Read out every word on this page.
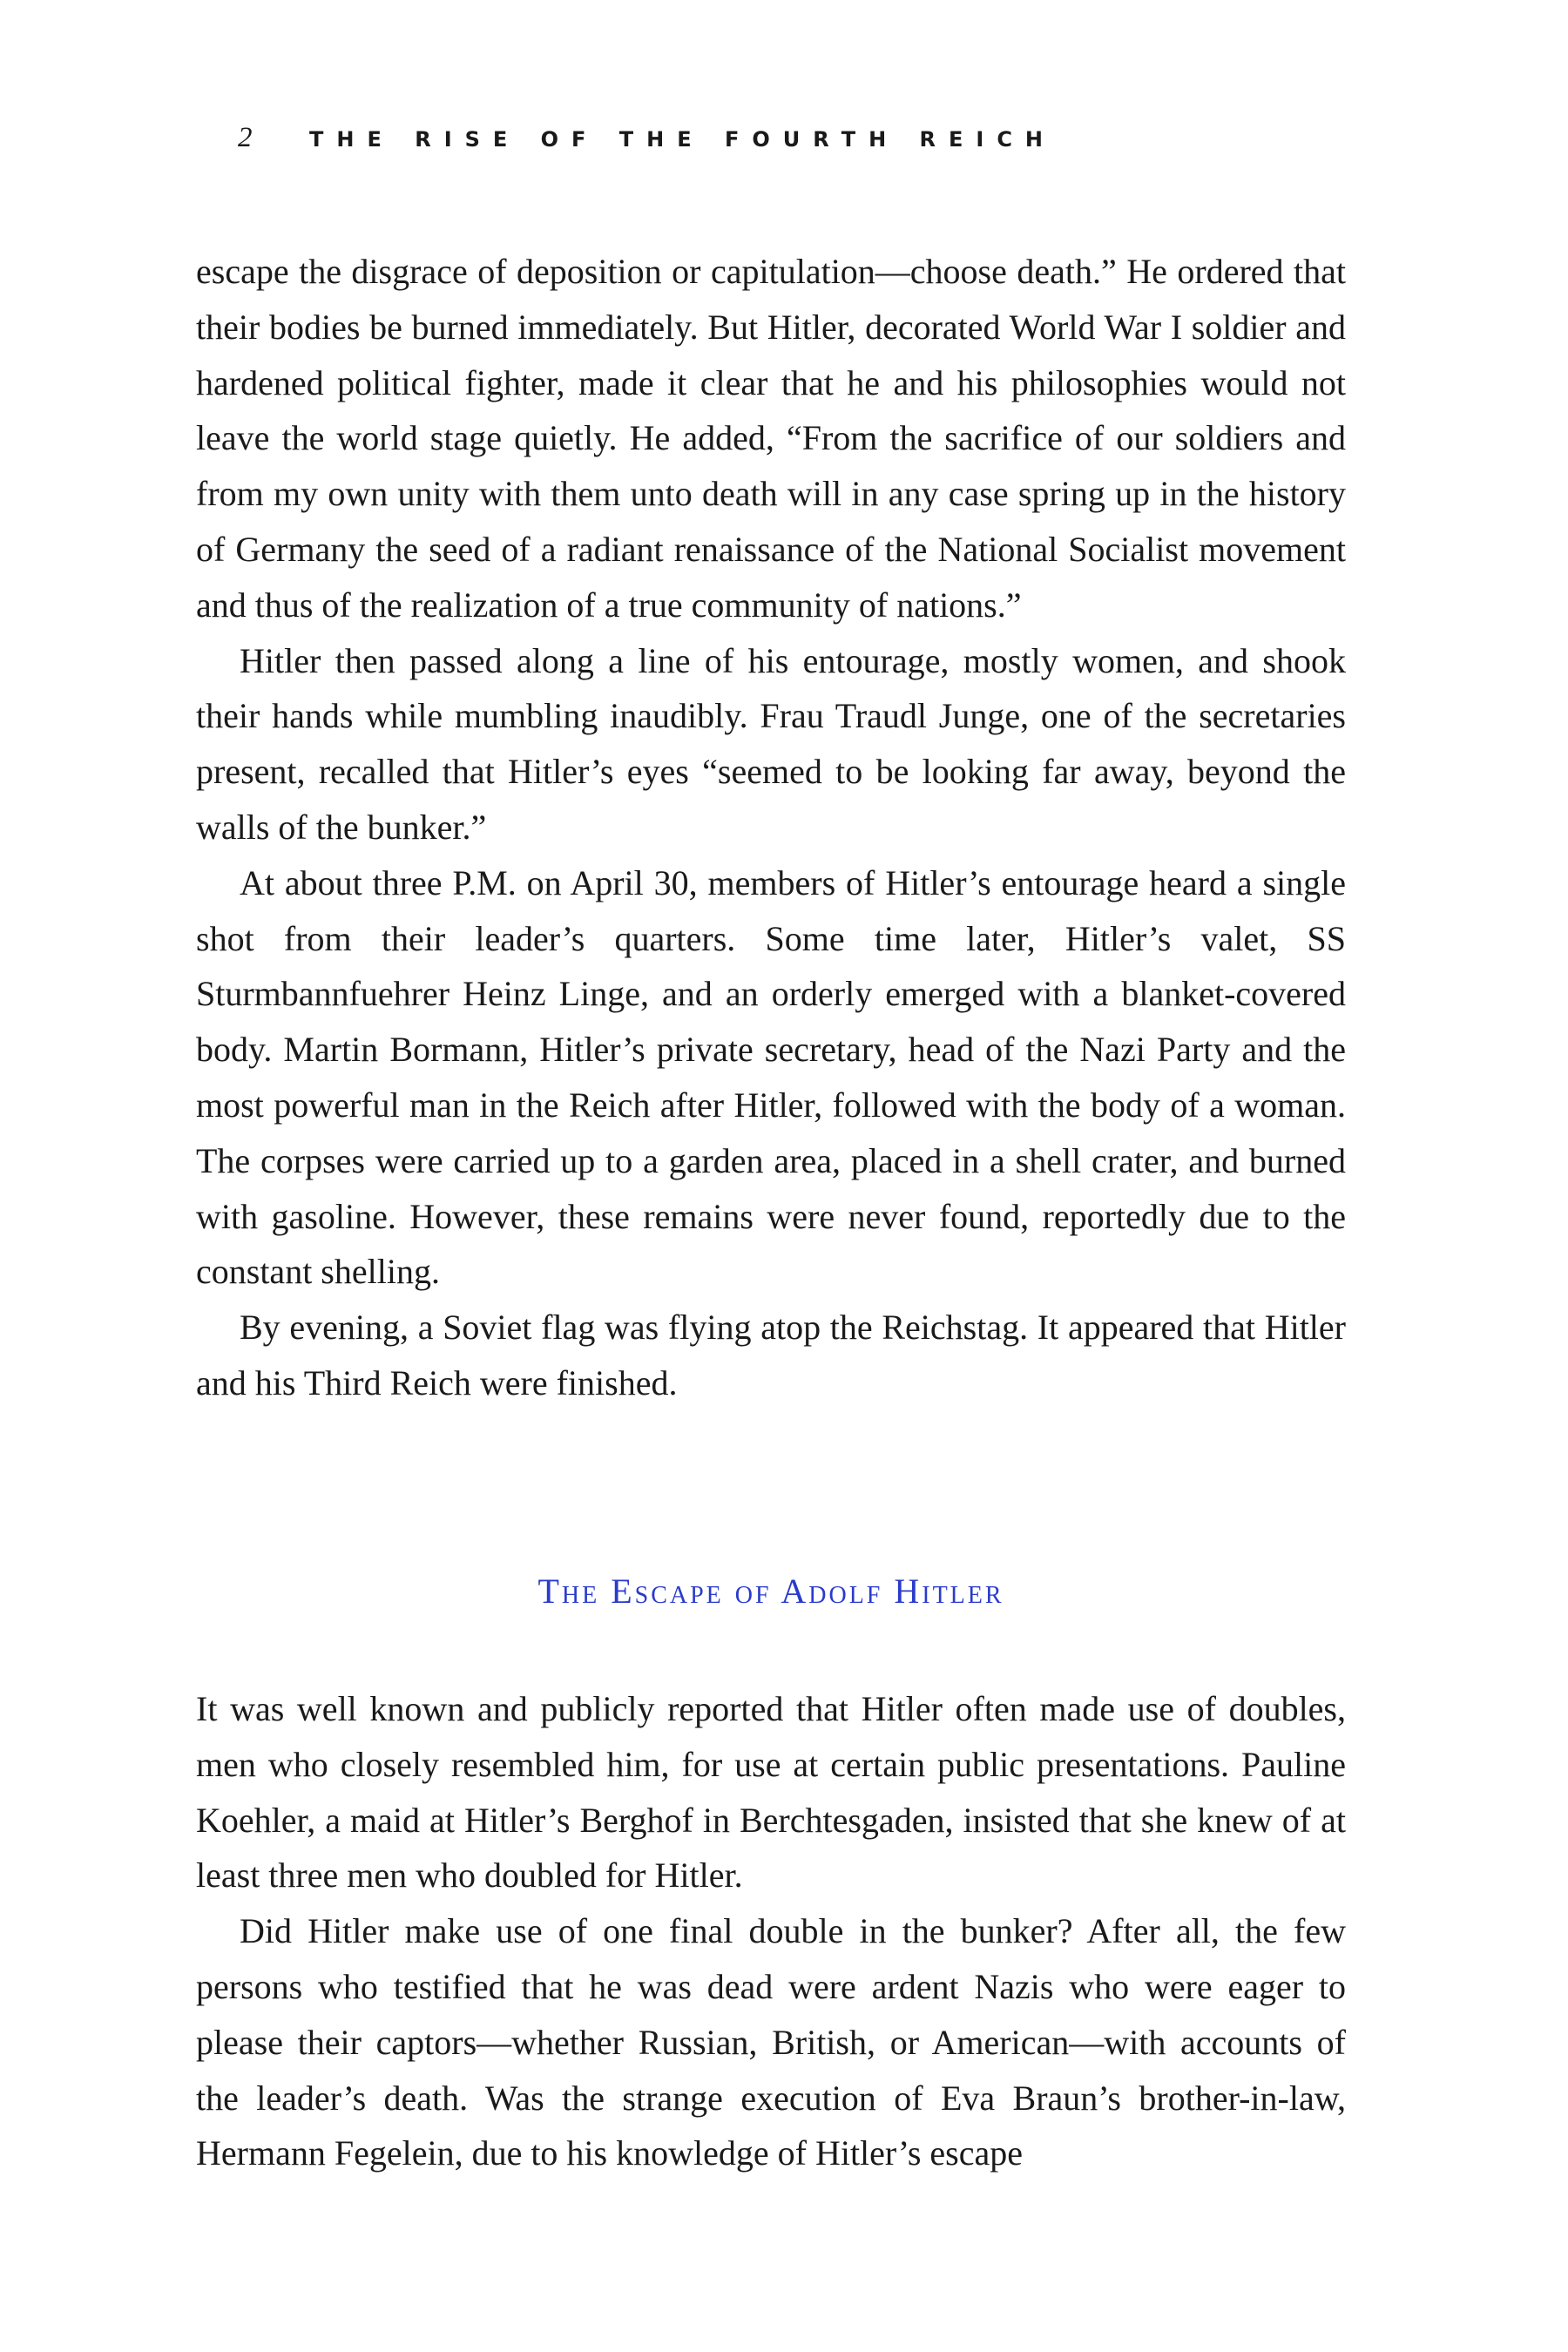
2	THE RISE OF THE FOURTH REICH

escape the disgrace of deposition or capitulation—choose death.” He ordered that their bodies be burned immediately. But Hitler, decorated World War I soldier and hardened political fighter, made it clear that he and his philosophies would not leave the world stage quietly. He added, “From the sacrifice of our soldiers and from my own unity with them unto death will in any case spring up in the history of Germany the seed of a radiant renaissance of the National Socialist movement and thus of the realization of a true community of nations.”

Hitler then passed along a line of his entourage, mostly women, and shook their hands while mumbling inaudibly. Frau Traudl Junge, one of the secretaries present, recalled that Hitler’s eyes “seemed to be looking far away, beyond the walls of the bunker.”

At about three P.M. on April 30, members of Hitler’s entourage heard a single shot from their leader’s quarters. Some time later, Hitler’s valet, SS Sturmbannfuehrer Heinz Linge, and an orderly emerged with a blanket-covered body. Martin Bormann, Hitler’s private secretary, head of the Nazi Party and the most powerful man in the Reich after Hitler, followed with the body of a woman. The corpses were carried up to a garden area, placed in a shell crater, and burned with gasoline. However, these remains were never found, reportedly due to the constant shelling.

By evening, a Soviet flag was flying atop the Reichstag. It appeared that Hitler and his Third Reich were finished.

The Escape of Adolf Hitler

It was well known and publicly reported that Hitler often made use of doubles, men who closely resembled him, for use at certain public presentations. Pauline Koehler, a maid at Hitler’s Berghof in Berchtesgaden, insisted that she knew of at least three men who doubled for Hitler.

Did Hitler make use of one final double in the bunker? After all, the few persons who testified that he was dead were ardent Nazis who were eager to please their captors—whether Russian, British, or American—with accounts of the leader’s death. Was the strange execution of Eva Braun’s brother-in-law, Hermann Fegelein, due to his knowledge of Hitler’s escape
